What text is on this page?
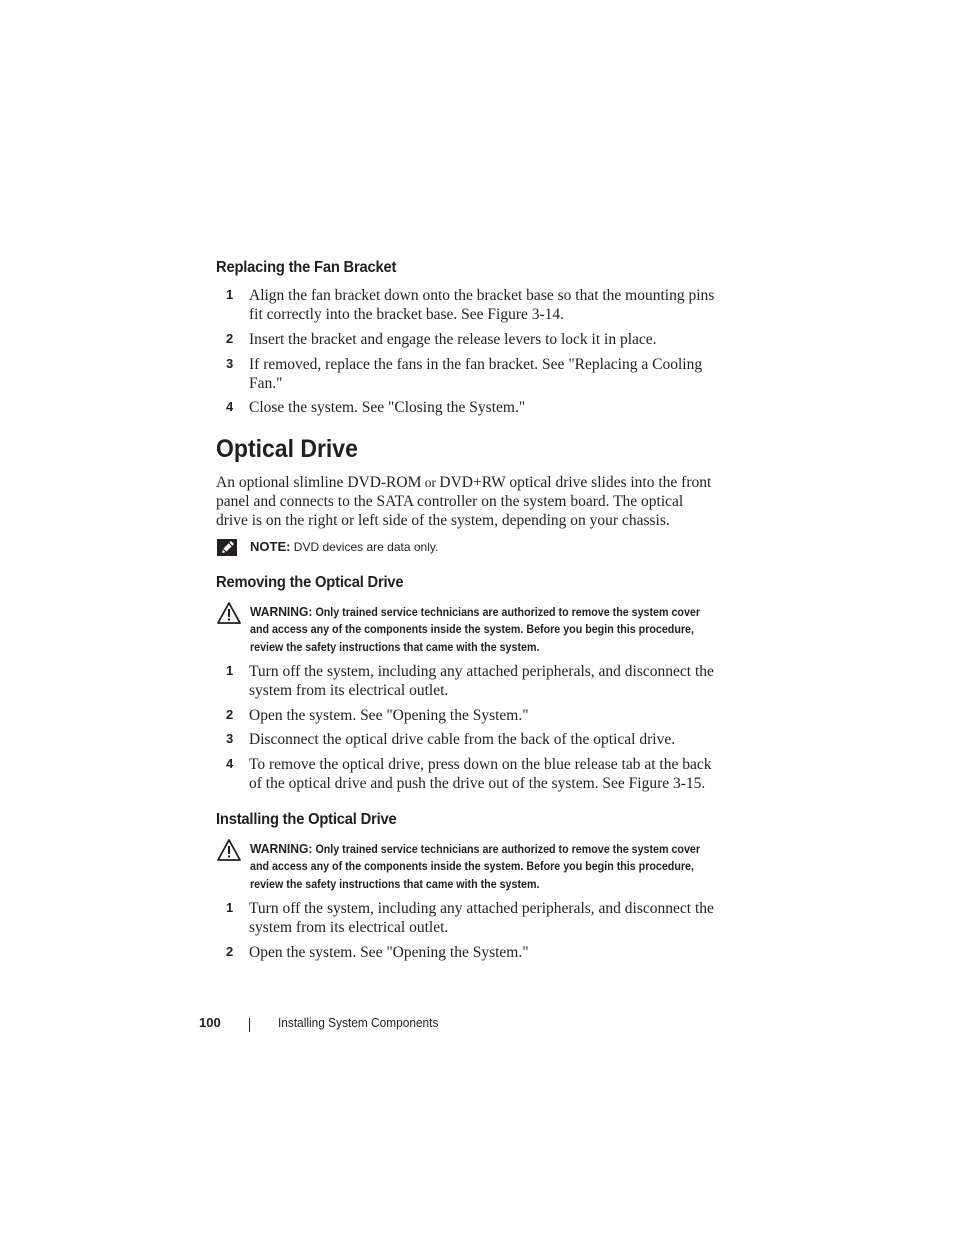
Replacing the Fan Bracket
1 Align the fan bracket down onto the bracket base so that the mounting pins fit correctly into the bracket base. See Figure 3-14.
2 Insert the bracket and engage the release levers to lock it in place.
3 If removed, replace the fans in the fan bracket. See "Replacing a Cooling Fan."
4 Close the system. See "Closing the System."
Optical Drive
An optional slimline DVD-ROM or DVD+RW optical drive slides into the front panel and connects to the SATA controller on the system board. The optical drive is on the right or left side of the system, depending on your chassis.
NOTE: DVD devices are data only.
Removing the Optical Drive
WARNING: Only trained service technicians are authorized to remove the system cover and access any of the components inside the system. Before you begin this procedure, review the safety instructions that came with the system.
1 Turn off the system, including any attached peripherals, and disconnect the system from its electrical outlet.
2 Open the system. See "Opening the System."
3 Disconnect the optical drive cable from the back of the optical drive.
4 To remove the optical drive, press down on the blue release tab at the back of the optical drive and push the drive out of the system. See Figure 3-15.
Installing the Optical Drive
WARNING: Only trained service technicians are authorized to remove the system cover and access any of the components inside the system. Before you begin this procedure, review the safety instructions that came with the system.
1 Turn off the system, including any attached peripherals, and disconnect the system from its electrical outlet.
2 Open the system. See "Opening the System."
100	Installing System Components
